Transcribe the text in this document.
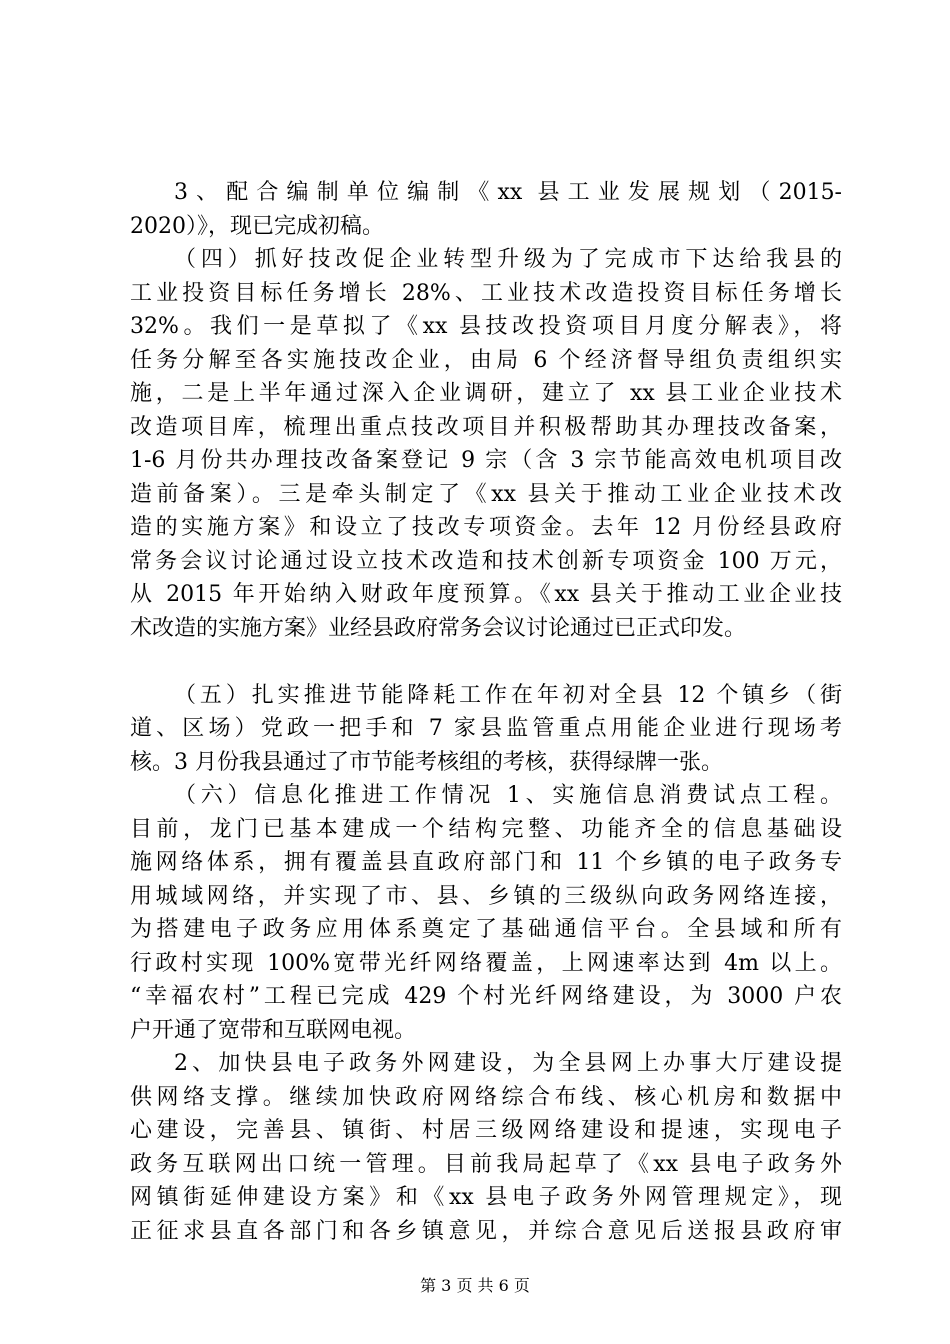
3、配合编制单位编制《xx 县工业发展规划（2015-
2020）》，现已完成初稿。
（四）抓好技改促企业转型升级为了完成市下达给我县的
工业投资目标任务增长 28%、工业技术改造投资目标任务增长
32%。我们一是草拟了《xx 县技改投资项目月度分解表》，将
任务分解至各实施技改企业，由局 6 个经济督导组负责组织实
施，二是上半年通过深入企业调研，建立了 xx 县工业企业技术
改造项目库，梳理出重点技改项目并积极帮助其办理技改备案，
1-6 月份共办理技改备案登记 9 宗（含 3 宗节能高效电机项目改
造前备案）。三是牵头制定了《xx 县关于推动工业企业技术改
造的实施方案》和设立了技改专项资金。去年 12 月份经县政府
常务会议讨论通过设立技术改造和技术创新专项资金 100 万元，
从 2015 年开始纳入财政年度预算。《xx 县关于推动工业企业技
术改造的实施方案》业经县政府常务会议讨论通过已正式印发。
（五）扎实推进节能降耗工作在年初对全县 12 个镇乡（街
道、区场）党政一把手和 7 家县监管重点用能企业进行现场考
核。3 月份我县通过了市节能考核组的考核，获得绿牌一张。
（六）信息化推进工作情况 1、实施信息消费试点工程。
目前，龙门已基本建成一个结构完整、功能齐全的信息基础设
施网络体系，拥有覆盖县直政府部门和 11 个乡镇的电子政务专
用城域网络，并实现了市、县、乡镇的三级纵向政务网络连接，
为搭建电子政务应用体系奠定了基础通信平台。全县域和所有
行政村实现 100%宽带光纤网络覆盖，上网速率达到 4m 以上。
“幸福农村”工程已完成 429 个村光纤网络建设，为 3000 户农
户开通了宽带和互联网电视。
2、加快县电子政务外网建设，为全县网上办事大厅建设提
供网络支撑。继续加快政府网络综合布线、核心机房和数据中
心建设，完善县、镇街、村居三级网络建设和提速，实现电子
政务互联网出口统一管理。目前我局起草了《xx 县电子政务外
网镇街延伸建设方案》和《xx 县电子政务外网管理规定》，现
正征求县直各部门和各乡镇意见，并综合意见后送报县政府审
第 3 页 共 6 页
